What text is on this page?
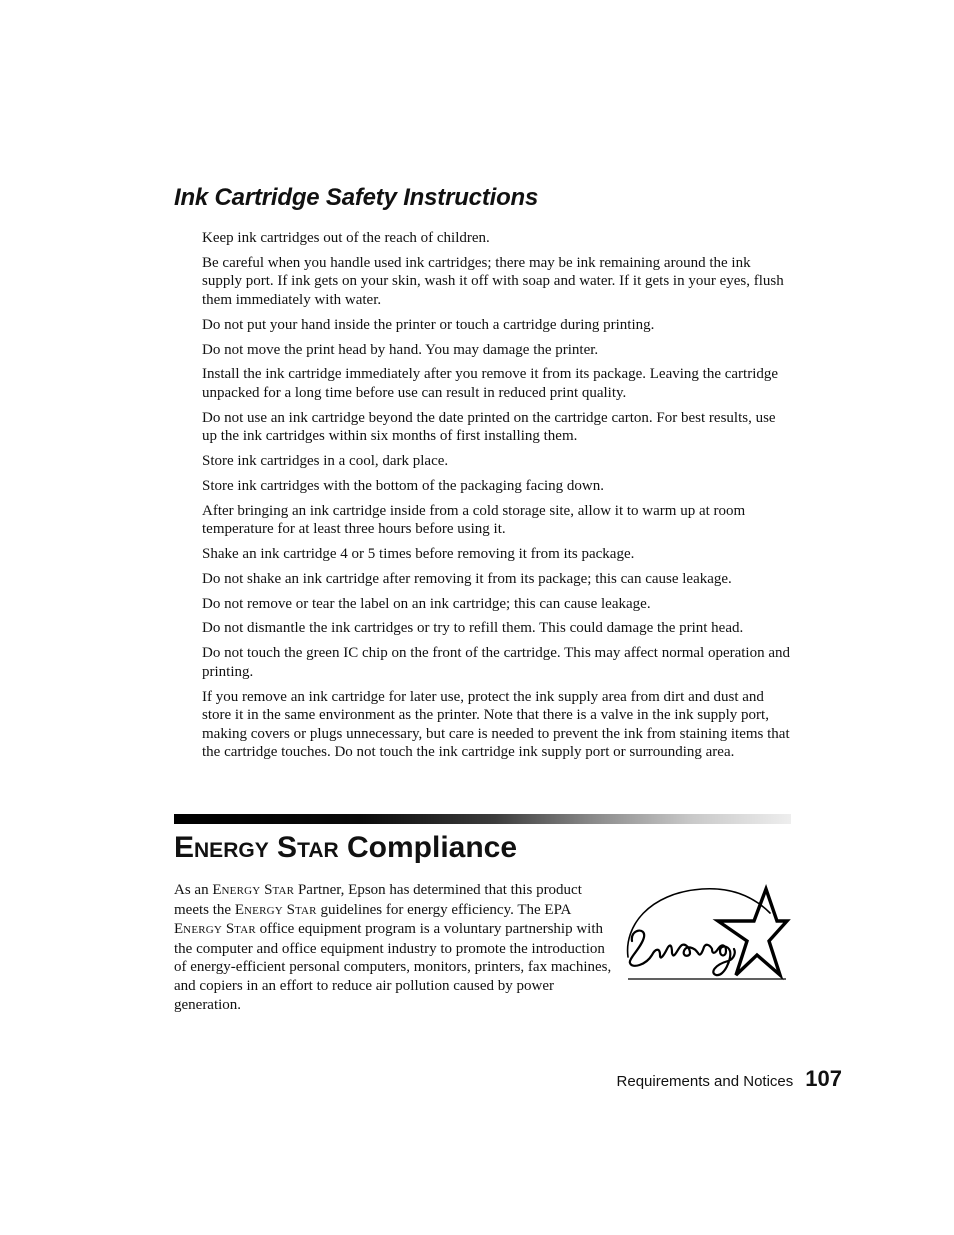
Ink Cartridge Safety Instructions

Keep ink cartridges out of the reach of children.

Be careful when you handle used ink cartridges; there may be ink remaining around the ink supply port. If ink gets on your skin, wash it off with soap and water. If it gets in your eyes, flush them immediately with water.

Do not put your hand inside the printer or touch a cartridge during printing.

Do not move the print head by hand. You may damage the printer.

Install the ink cartridge immediately after you remove it from its package. Leaving the cartridge unpacked for a long time before use can result in reduced print quality.

Do not use an ink cartridge beyond the date printed on the cartridge carton. For best results, use up the ink cartridges within six months of first installing them.

Store ink cartridges in a cool, dark place.

Store ink cartridges with the bottom of the packaging facing down.

After bringing an ink cartridge inside from a cold storage site, allow it to warm up at room temperature for at least three hours before using it.

Shake an ink cartridge 4 or 5 times before removing it from its package.

Do not shake an ink cartridge after removing it from its package; this can cause leakage.

Do not remove or tear the label on an ink cartridge; this can cause leakage.

Do not dismantle the ink cartridges or try to refill them. This could damage the print head.

Do not touch the green IC chip on the front of the cartridge. This may affect normal operation and printing.

If you remove an ink cartridge for later use, protect the ink supply area from dirt and dust and store it in the same environment as the printer. Note that there is a valve in the ink supply port, making covers or plugs unnecessary, but care is needed to prevent the ink from staining items that the cartridge touches. Do not touch the ink cartridge ink supply port or surrounding area.

ENERGY STAR Compliance

As an ENERGY STAR Partner, Epson has determined that this product meets the ENERGY STAR guidelines for energy efficiency. The EPA ENERGY STAR office equipment program is a voluntary partnership with the computer and office equipment industry to promote the introduction of energy-efficient personal computers, monitors, printers, fax machines, and copiers in an effort to reduce air pollution caused by power generation.

Requirements and Notices 107
